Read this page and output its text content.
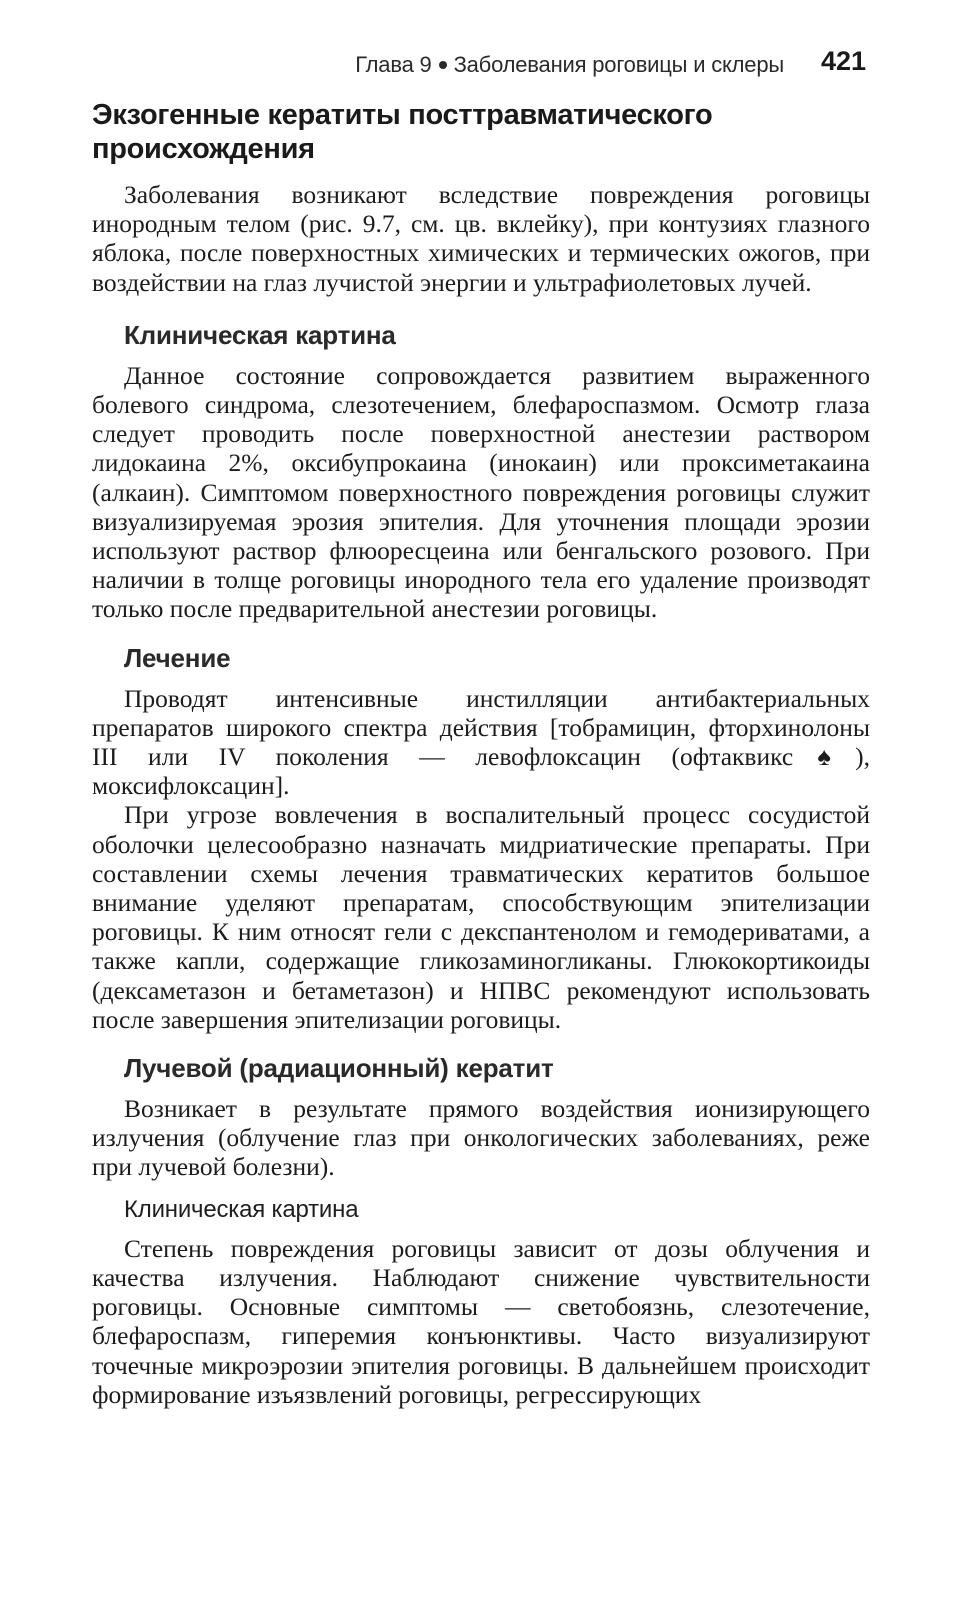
Глава 9 Заболевания роговицы и склеры 421
Экзогенные кератиты посттравматического происхождения

Заболевания возникают вследствие повреждения роговицы инородным телом (рис. 9.7, см. цв. вклейку), при контузиях глазного яблока, после поверхностных химических и термических ожогов, при воздействии на глаз лучистой энергии и ультрафиолетовых лучей.

Клиническая картина

Данное состояние сопровождается развитием выраженного болевого синдрома, слезотечением, блефароспазмом. Осмотр глаза следует проводить после поверхностной анестезии раствором лидокаина 2%, оксибупрокаина (инокаин) или проксиметакаина (алкаин). Симптомом поверхностного повреждения роговицы служит визуализируемая эрозия эпителия. Для уточнения площади эрозии используют раствор флюоресцеина или бенгальского розового. При наличии в толще роговицы инородного тела его удаление производят только после предварительной анестезии роговицы.

Лечение

Проводят интенсивные инстилляции антибактериальных препаратов широкого спектра действия [тобрамицин, фторхинолоны III или IV поколения — левофлоксацин (офтаквикс♠), моксифлоксацин].

При угрозе вовлечения в воспалительный процесс сосудистой оболочки целесообразно назначать мидриатические препараты. При составлении схемы лечения травматических кератитов большое внимание уделяют препаратам, способствующим эпителизации роговицы. К ним относят гели с декспантенолом и гемодериватами, а также капли, содержащие гликозаминогликаны. Глюкокортикоиды (дексаметазон и бетаметазон) и НПВС рекомендуют использовать после завершения эпителизации роговицы.

Лучевой (радиационный) кератит

Возникает в результате прямого воздействия ионизирующего излучения (облучение глаз при онкологических заболеваниях, реже при лучевой болезни).

Клиническая картина

Степень повреждения роговицы зависит от дозы облучения и качества излучения. Наблюдают снижение чувствительности роговицы. Основные симптомы — светобоязнь, слезотечение, блефароспазм, гиперемия конъюнктивы. Часто визуализируют точечные микроэрозии эпителия роговицы. В дальнейшем происходит формирование изъязвлений роговицы, регрессирующих
